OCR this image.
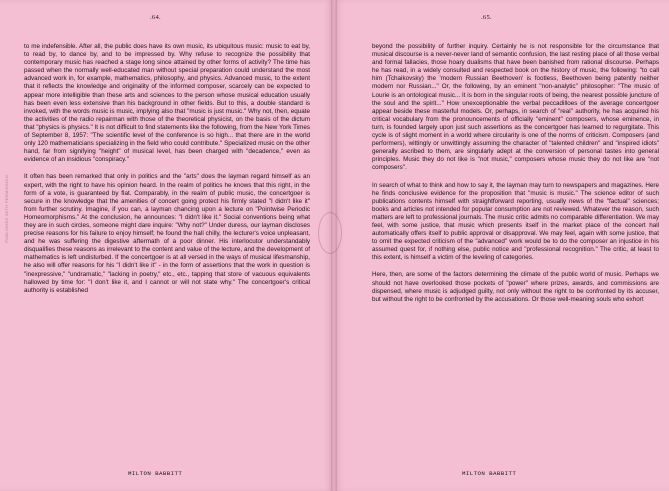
PUBLISHED WITH PERMISSION
.64.

to me indefensible. After all, the public does have its own music, its ubiquitous music: music to eat by, to read by, to dance by, and to be impressed by. Why refuse to recognize the possibility that contemporary music has reached a stage long since attained by other forms of activity? The time has passed when the normally well-educated man without special preparation could understand the most advanced work in, for example, mathematics, philosophy, and physics. Advanced music, to the extent that it reflects the knowledge and originality of the informed composer, scarcely can be expected to appear more intelligible than these arts and sciences to the person whose musical education usually has been even less extensive than his background in other fields. But to this, a double standard is invoked, with the words music is music, implying also that "music is just music." Why not, then, equate the activities of the radio repairman with those of the theoretical physicist, on the basis of the dictum that "physics is physics." It is not difficult to find statements like the following, from the New York Times of September 8, 1957: "The scientific level of the conference is so high... that there are in the world only 120 mathematicians specializing in the field who could contribute." Specialized music on the other hand, far from signifying "height" of musical level, has been charged with "decadence," even as evidence of an insidious "conspiracy."

It often has been remarked that only in politics and the "arts" does the layman regard himself as an expert, with the right to have his opinion heard. In the realm of politics he knows that this right, in the form of a vote, is guaranteed by flat. Comparably, in the realm of public music, the concertgoer is secure in the knowledge that the amenities of concert going protect his firmly stated "I didn't like it" from further scrutiny. Imagine, if you can, a layman chancing upon a lecture on "Pointwise Periodic Homeomorphisms." At the conclusion, he announces: "I didn't like it." Social conventions being what they are in such circles, someone might dare inquire: "Why not?" Under duress, our layman discloses precise reasons for his failure to enjoy himself; he found the hall chilly, the lecturer's voice unpleasant, and he was suffering the digestive aftermath of a poor dinner. His interlocutor understandably disqualifies these reasons as irrelevant to the content and value of the lecture, and the development of mathematics is left undisturbed. If the concertgoer is at all versed in the ways of musical lifesmanship, he also will offer reasons for his "I didn't like it" - in the form of assertions that the work in question is "inexpressive," "undramatic," "lacking in poetry," etc., etc., tapping that store of vacuous equivalents hallowed by time for: "I don't like it, and I cannot or will not state why." The concertgoer's critical authority is established

MILTON BABBITT
.65.

beyond the possibility of further inquiry. Certainly he is not responsible for the circumstance that musical discourse is a never-never land of semantic confusion, the last resting place of all those verbal and formal fallacies, those hoary dualisms that have been banished from rational discourse. Perhaps he has read, in a widely consulted and respected book on the history of music, the following: "to call him (Tchaikovsky) the 'modern Russian Beethoven' is footless, Beethoven being patently neither modern nor Russian..." Or, the following, by an eminent "non-analytic" philosopher: "The music of Lourie is an ontological music... It is born in the singular roots of being, the nearest possible juncture of the soul and the spirit..." How unexceptionable the verbal peccadilloes of the average concertgoer appear beside these masterful models. Or, perhaps, in search of "real" authority, he has acquired his critical vocabulary from the pronouncements of officially "eminent" composers, whose eminence, in turn, is founded largely upon just such assertions as the concertgoer has learned to regurgitate. This cycle is of slight moment in a world where circularity is one of the norms of criticism. Composers (and performers), wittingly or unwittingly assuming the character of "talented children" and "inspired idiots" generally ascribed to them, are singularly adept at the conversion of personal tastes into general principles. Music they do not like is "not music," composers whose music they do not like are "not composers".

In search of what to think and how to say it, the layman may turn to newspapers and magazines. Here he finds conclusive evidence for the proposition that "music is music." The science editor of such publications contents himself with straightforward reporting, usually news of the "factual" sciences; books and articles not intended for popular consumption are not reviewed. Whatever the reason, such matters are left to professional journals. The music critic admits no comparable differentiation. We may feel, with some justice, that music which presents itself in the market place of the concert hall automatically offers itself to public approval or disapproval. We may feel, again with some justice, that to omit the expected criticism of the "advanced" work would be to do the composer an injustice in his assumed quest for, if nothing else, public notice and "professional recognition." The critic, at least to this extent, is himself a victim of the leveling of categories.

Here, then, are some of the factors determining the climate of the public world of music. Perhaps we should not have overlooked those pockets of "power" where prizes, awards, and commissions are dispensed, where music is adjudged guilty, not only without the right to be confronted by its accuser, but without the right to be confronted by the accusations. Or those well-meaning souls who exhort

MILTON BABBITT
